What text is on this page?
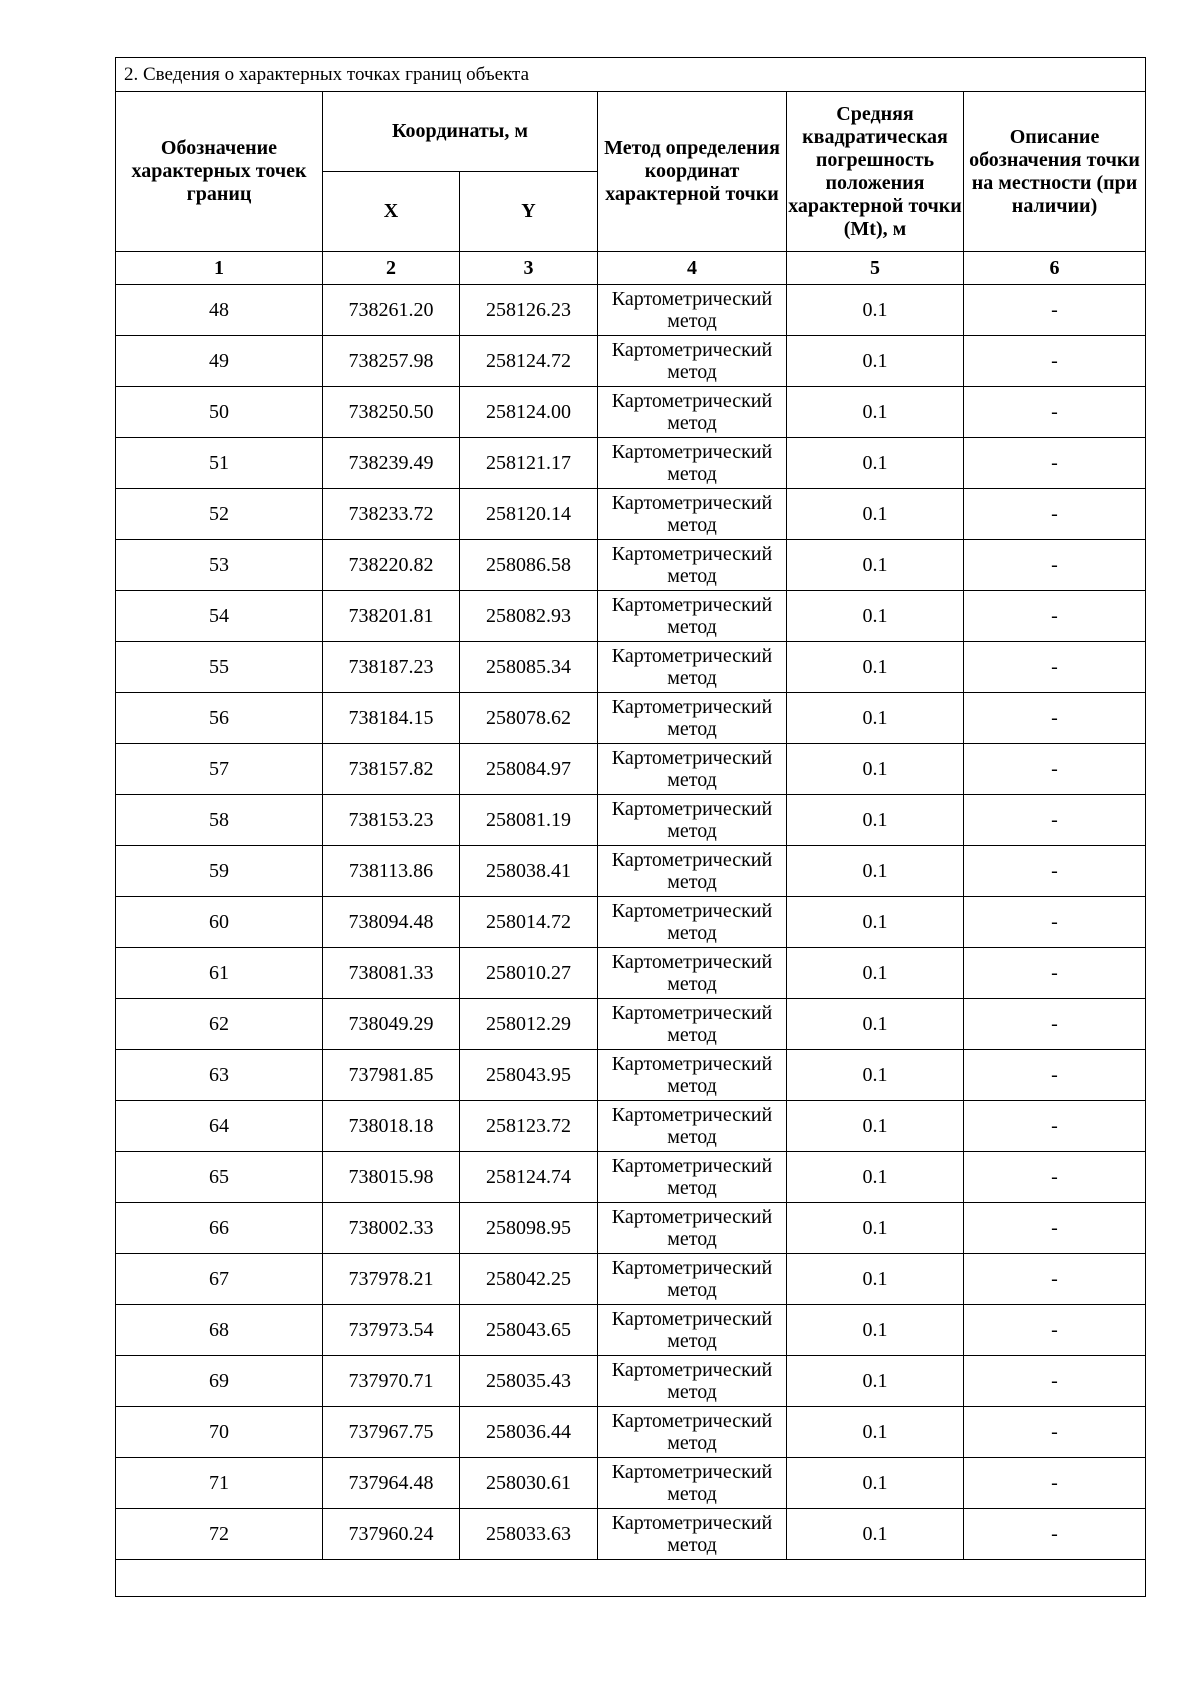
2. Сведения о характерных точках границ объекта					
Обозначение характерных точек границ	Координаты, м		Метод определения координат характерной точки	Средняя квадратическая погрешность положения характерной точки (Mt), м	Описание обозначения точки на местности (при наличии)
	X	Y			
1	2	3	4	5	6
48	738261.20	258126.23	Картометрический метод	0.1	-
49	738257.98	258124.72	Картометрический метод	0.1	-
50	738250.50	258124.00	Картометрический метод	0.1	-
51	738239.49	258121.17	Картометрический метод	0.1	-
52	738233.72	258120.14	Картометрический метод	0.1	-
53	738220.82	258086.58	Картометрический метод	0.1	-
54	738201.81	258082.93	Картометрический метод	0.1	-
55	738187.23	258085.34	Картометрический метод	0.1	-
56	738184.15	258078.62	Картометрический метод	0.1	-
57	738157.82	258084.97	Картометрический метод	0.1	-
58	738153.23	258081.19	Картометрический метод	0.1	-
59	738113.86	258038.41	Картометрический метод	0.1	-
60	738094.48	258014.72	Картометрический метод	0.1	-
61	738081.33	258010.27	Картометрический метод	0.1	-
62	738049.29	258012.29	Картометрический метод	0.1	-
63	737981.85	258043.95	Картометрический метод	0.1	-
64	738018.18	258123.72	Картометрический метод	0.1	-
65	738015.98	258124.74	Картометрический метод	0.1	-
66	738002.33	258098.95	Картометрический метод	0.1	-
67	737978.21	258042.25	Картометрический метод	0.1	-
68	737973.54	258043.65	Картометрический метод	0.1	-
69	737970.71	258035.43	Картометрический метод	0.1	-
70	737967.75	258036.44	Картометрический метод	0.1	-
71	737964.48	258030.61	Картометрический метод	0.1	-
72	737960.24	258033.63	Картометрический метод	0.1	-
